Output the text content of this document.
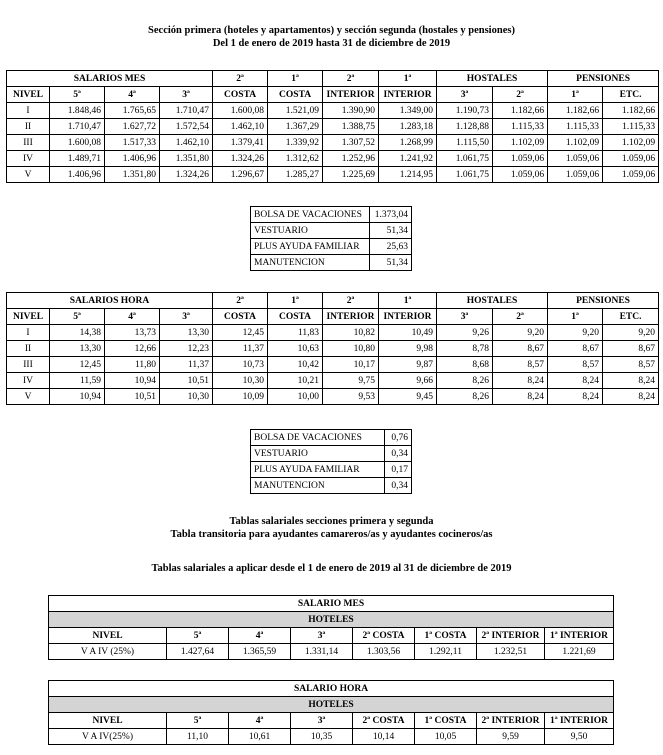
Sección primera (hoteles y apartamentos) y sección segunda (hostales y pensiones)

Del 1 de enero de 2019 hasta 31 de diciembre de 2019

SALARIOS MES				2ª	1ª	2ª	1ª	HOSTALES		PENSIONES	
NIVEL	5ª	4ª	3ª	COSTA	COSTA	INTERIOR	INTERIOR	3ª	2ª	1ª	ETC.
I	1.848,46	1.765,65	1.710,47	1.600,08	1.521,09	1.390,90	1.349,00	1.190,73	1.182,66	1.182,66	1.182,66
II	1.710,47	1.627,72	1.572,54	1.462,10	1.367,29	1.388,75	1.283,18	1.128,88	1.115,33	1.115,33	1.115,33
III	1.600,08	1.517,33	1.462,10	1.379,41	1.339,92	1.307,52	1.268,99	1.115,50	1.102,09	1.102,09	1.102,09
IV	1.489,71	1.406,96	1.351,80	1.324,26	1.312,62	1.252,96	1.241,92	1.061,75	1.059,06	1.059,06	1.059,06
V	1.406,96	1.351,80	1.324,26	1.296,67	1.285,27	1.225,69	1.214,95	1.061,75	1.059,06	1.059,06	1.059,06
BOLSA DE VACACIONES	1.373,04
VESTUARIO	51,34
PLUS AYUDA FAMILIAR	25,63
MANUTENCION	51,34
SALARIOS HORA				2ª	1ª	2ª	1ª	HOSTALES		PENSIONES	
NIVEL	5ª	4ª	3ª	COSTA	COSTA	INTERIOR	INTERIOR	3ª	2ª	1ª	ETC.
I	14,38	13,73	13,30	12,45	11,83	10,82	10,49	9,26	9,20	9,20	9,20
II	13,30	12,66	12,23	11,37	10,63	10,80	9,98	8,78	8,67	8,67	8,67
III	12,45	11,80	11,37	10,73	10,42	10,17	9,87	8,68	8,57	8,57	8,57
IV	11,59	10,94	10,51	10,30	10,21	9,75	9,66	8,26	8,24	8,24	8,24
V	10,94	10,51	10,30	10,09	10,00	9,53	9,45	8,26	8,24	8,24	8,24
BOLSA DE VACACIONES	0,76
VESTUARIO	0,34
PLUS AYUDA FAMILIAR	0,17
MANUTENCION	0,34

Tablas salariales secciones primera y segunda

Tabla transitoria para ayudantes camareros/as y ayudantes cocineros/as

Tablas salariales a aplicar desde el 1 de enero de 2019 al 31 de diciembre de 2019

SALARIO MES							
HOTELES							
NIVEL	5ª	4ª	3ª	2ª COSTA	1ª COSTA	2ª INTERIOR	1ª INTERIOR
V A IV (25%)	1.427,64	1.365,59	1.331,14	1.303,56	1.292,11	1.232,51	1.221,69
SALARIO HORA							
HOTELES							
NIVEL	5ª	4ª	3ª	2ª COSTA	1ª COSTA	2ª INTERIOR	1ª INTERIOR
V A IV(25%)	11,10	10,61	10,35	10,14	10,05	9,59	9,50
